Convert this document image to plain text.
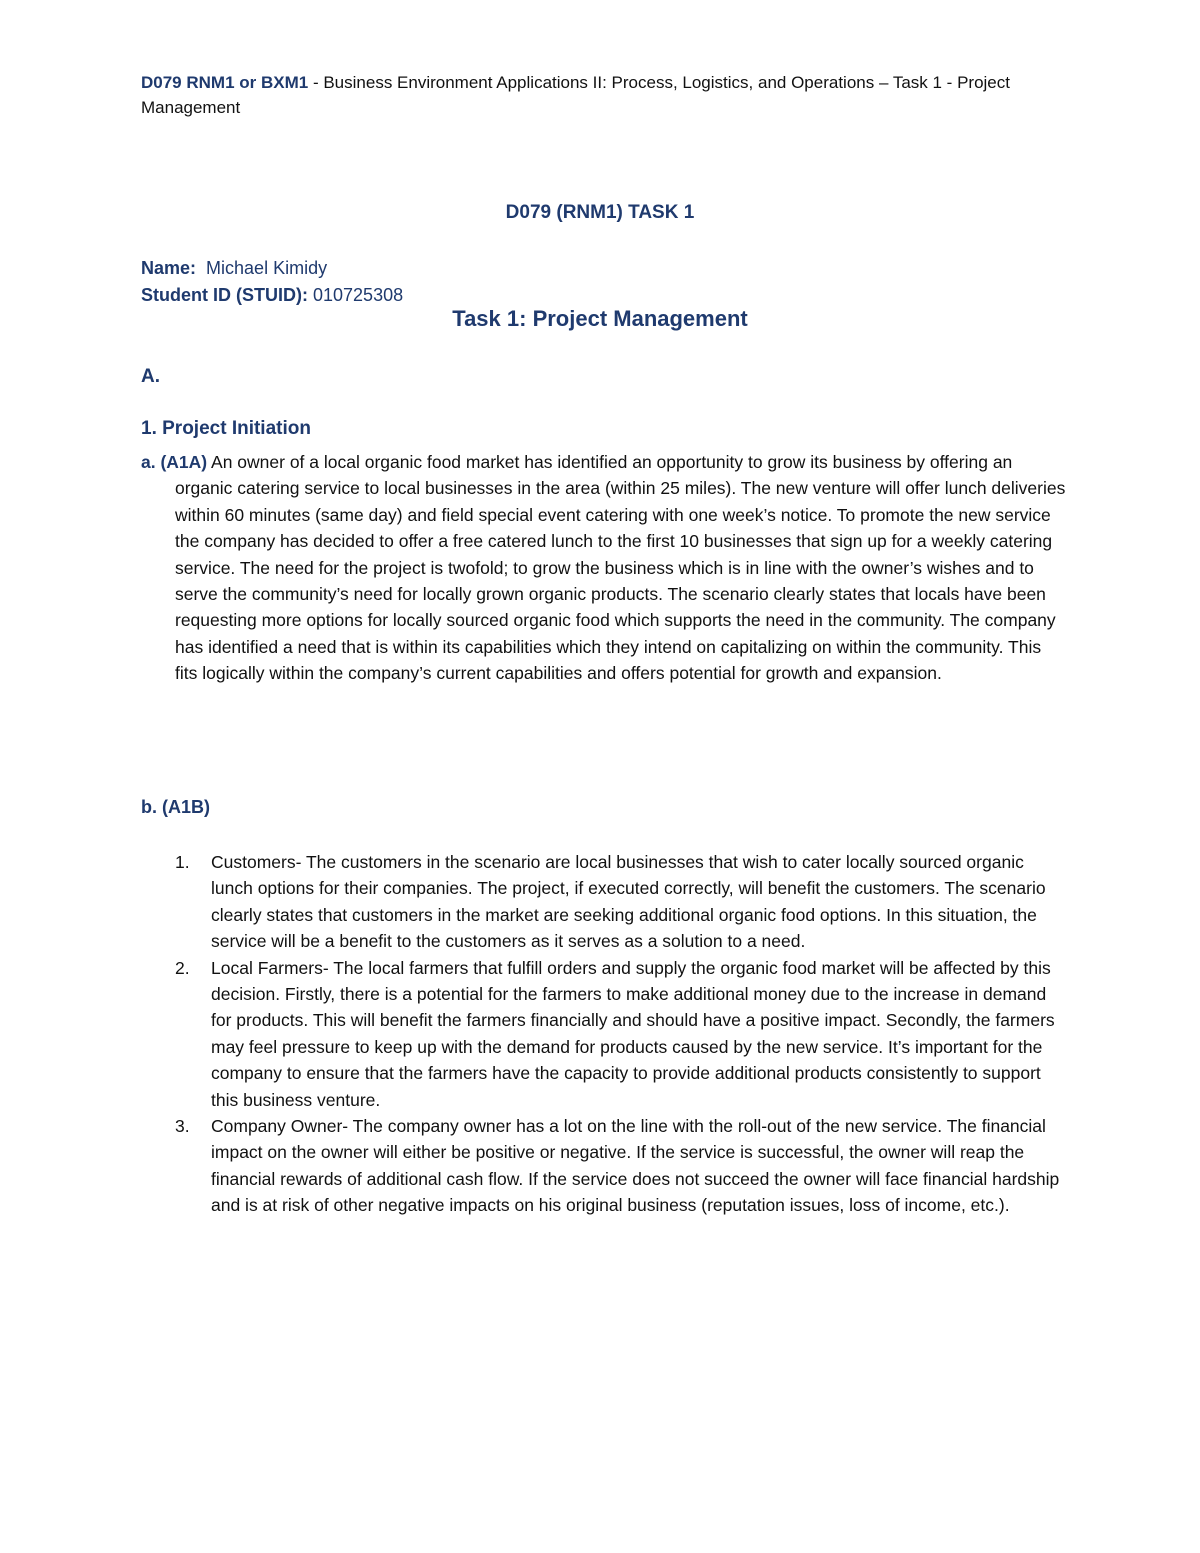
D079 RNM1 or BXM1 - Business Environment Applications II: Process, Logistics, and Operations – Task 1 - Project Management
D079 (RNM1) TASK 1
Name: Michael Kimidy
Student ID (STUID): 010725308
Task 1: Project Management
A.
1. Project Initiation
a. (A1A) An owner of a local organic food market has identified an opportunity to grow its business by offering an organic catering service to local businesses in the area (within 25 miles). The new venture will offer lunch deliveries within 60 minutes (same day) and field special event catering with one week’s notice. To promote the new service the company has decided to offer a free catered lunch to the first 10 businesses that sign up for a weekly catering service. The need for the project is twofold; to grow the business which is in line with the owner’s wishes and to serve the community’s need for locally grown organic products. The scenario clearly states that locals have been requesting more options for locally sourced organic food which supports the need in the community. The company has identified a need that is within its capabilities which they intend on capitalizing on within the community. This fits logically within the company’s current capabilities and offers potential for growth and expansion.
b. (A1B)
1. Customers- The customers in the scenario are local businesses that wish to cater locally sourced organic lunch options for their companies. The project, if executed correctly, will benefit the customers. The scenario clearly states that customers in the market are seeking additional organic food options. In this situation, the service will be a benefit to the customers as it serves as a solution to a need.
2. Local Farmers- The local farmers that fulfill orders and supply the organic food market will be affected by this decision. Firstly, there is a potential for the farmers to make additional money due to the increase in demand for products. This will benefit the farmers financially and should have a positive impact. Secondly, the farmers may feel pressure to keep up with the demand for products caused by the new service. It’s important for the company to ensure that the farmers have the capacity to provide additional products consistently to support this business venture.
3. Company Owner- The company owner has a lot on the line with the roll-out of the new service. The financial impact on the owner will either be positive or negative. If the service is successful, the owner will reap the financial rewards of additional cash flow. If the service does not succeed the owner will face financial hardship and is at risk of other negative impacts on his original business (reputation issues, loss of income, etc.).
